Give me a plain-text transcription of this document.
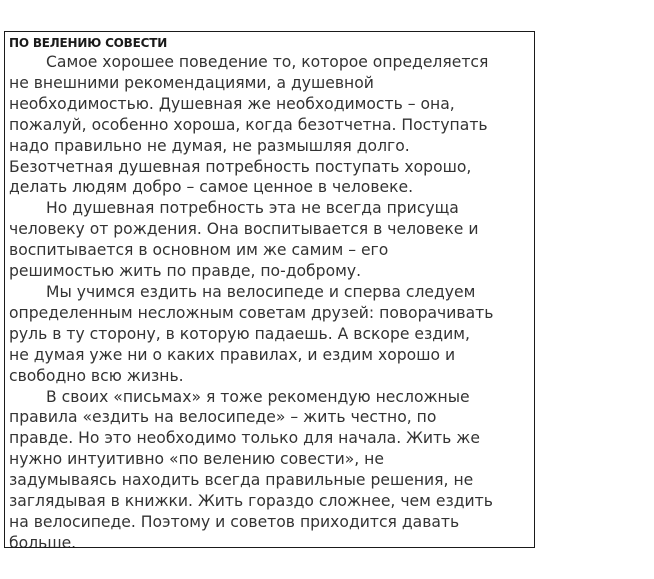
ПО ВЕЛЕНИЮ СОВЕСТИ
Самое хорошее поведение то, которое определяется
не внешними рекомендациями, а душевной
необходимостью. Душевная же необходимость – она,
пожалуй, особенно хороша, когда безотчетна. Поступать
надо правильно не думая, не размышляя долго.
Безотчетная душевная потребность поступать хорошо,
делать людям добро – самое ценное в человеке.
Но душевная потребность эта не всегда присуща
человеку от рождения. Она воспитывается в человеке и
воспитывается в основном им же самим – его
решимостью жить по правде, по-доброму.
Мы учимся ездить на велосипеде и сперва следуем
определенным несложным советам друзей: поворачивать
руль в ту сторону, в которую падаешь. А вскоре ездим,
не думая уже ни о каких правилах, и ездим хорошо и
свободно всю жизнь.
В своих «письмах» я тоже рекомендую несложные
правила «ездить на велосипеде» – жить честно, по
правде. Но это необходимо только для начала. Жить же
нужно интуитивно «по велению совести», не
задумываясь находить всегда правильные решения, не
заглядывая в книжки. Жить гораздо сложнее, чем ездить
на велосипеде. Поэтому и советов приходится давать
больше.
